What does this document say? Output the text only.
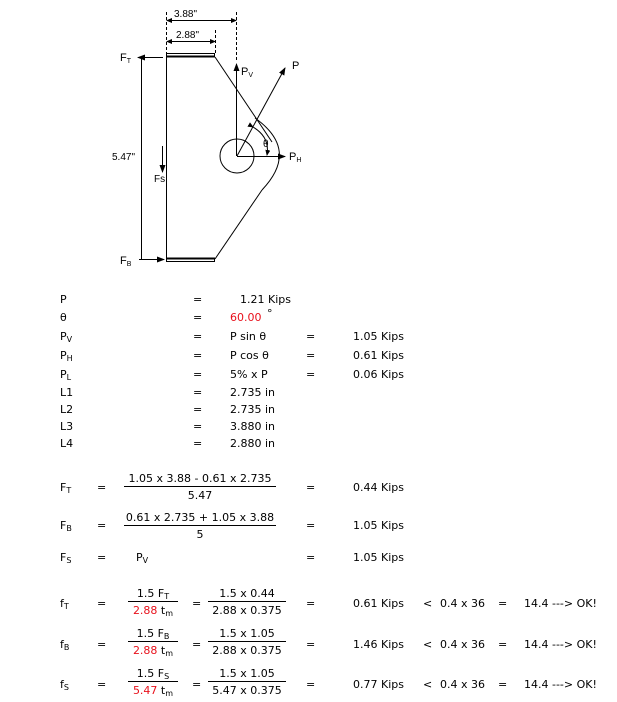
3.88"
2.88"
5.47"
FT
FB
Fs
P
PV
PH
θ
P	=	1.21 Kips
θ	=	60.00 °
$P_V$	=	P sin θ	=	1.05 Kips
$P_H$	=	P cos θ	=	0.61 Kips
$P_L$	=	5% x P	=	0.06 Kips
L1	=	2.735 in
L2	=	2.735 in
L3	=	3.880 in
L4	=	2.880 in
$F_T = \frac{1.05 x 3.88 - 0.61 x 2.735}{5.47}$	=	0.44 Kips
$F_B = \frac{0.61 x 2.735 + 1.05 x 3.88}{5}$	=	1.05 Kips
$F_S$ =	$P_V$	=	1.05 Kips
$f_T$	= $\frac{1.5 F_T}{2.88 t_m} = \frac{1.5 x 0.44}{2.88 x 0.375}$ =	0.61 Kips < 0.4 x 36 = 14.4 ---> OK!
$f_B$	= $\frac{1.5 F_B}{2.88 t_m} = \frac{1.5 x 1.05}{2.88 x 0.375}$ =	1.46 Kips < 0.4 x 36 = 14.4 ---> OK!
$f_S$	= $\frac{1.5 F_S}{5.47 t_m} = \frac{1.5 x 1.05}{5.47 x 0.375}$ =	0.77 Kips < 0.4 x 36 = 14.4 ---> OK!
